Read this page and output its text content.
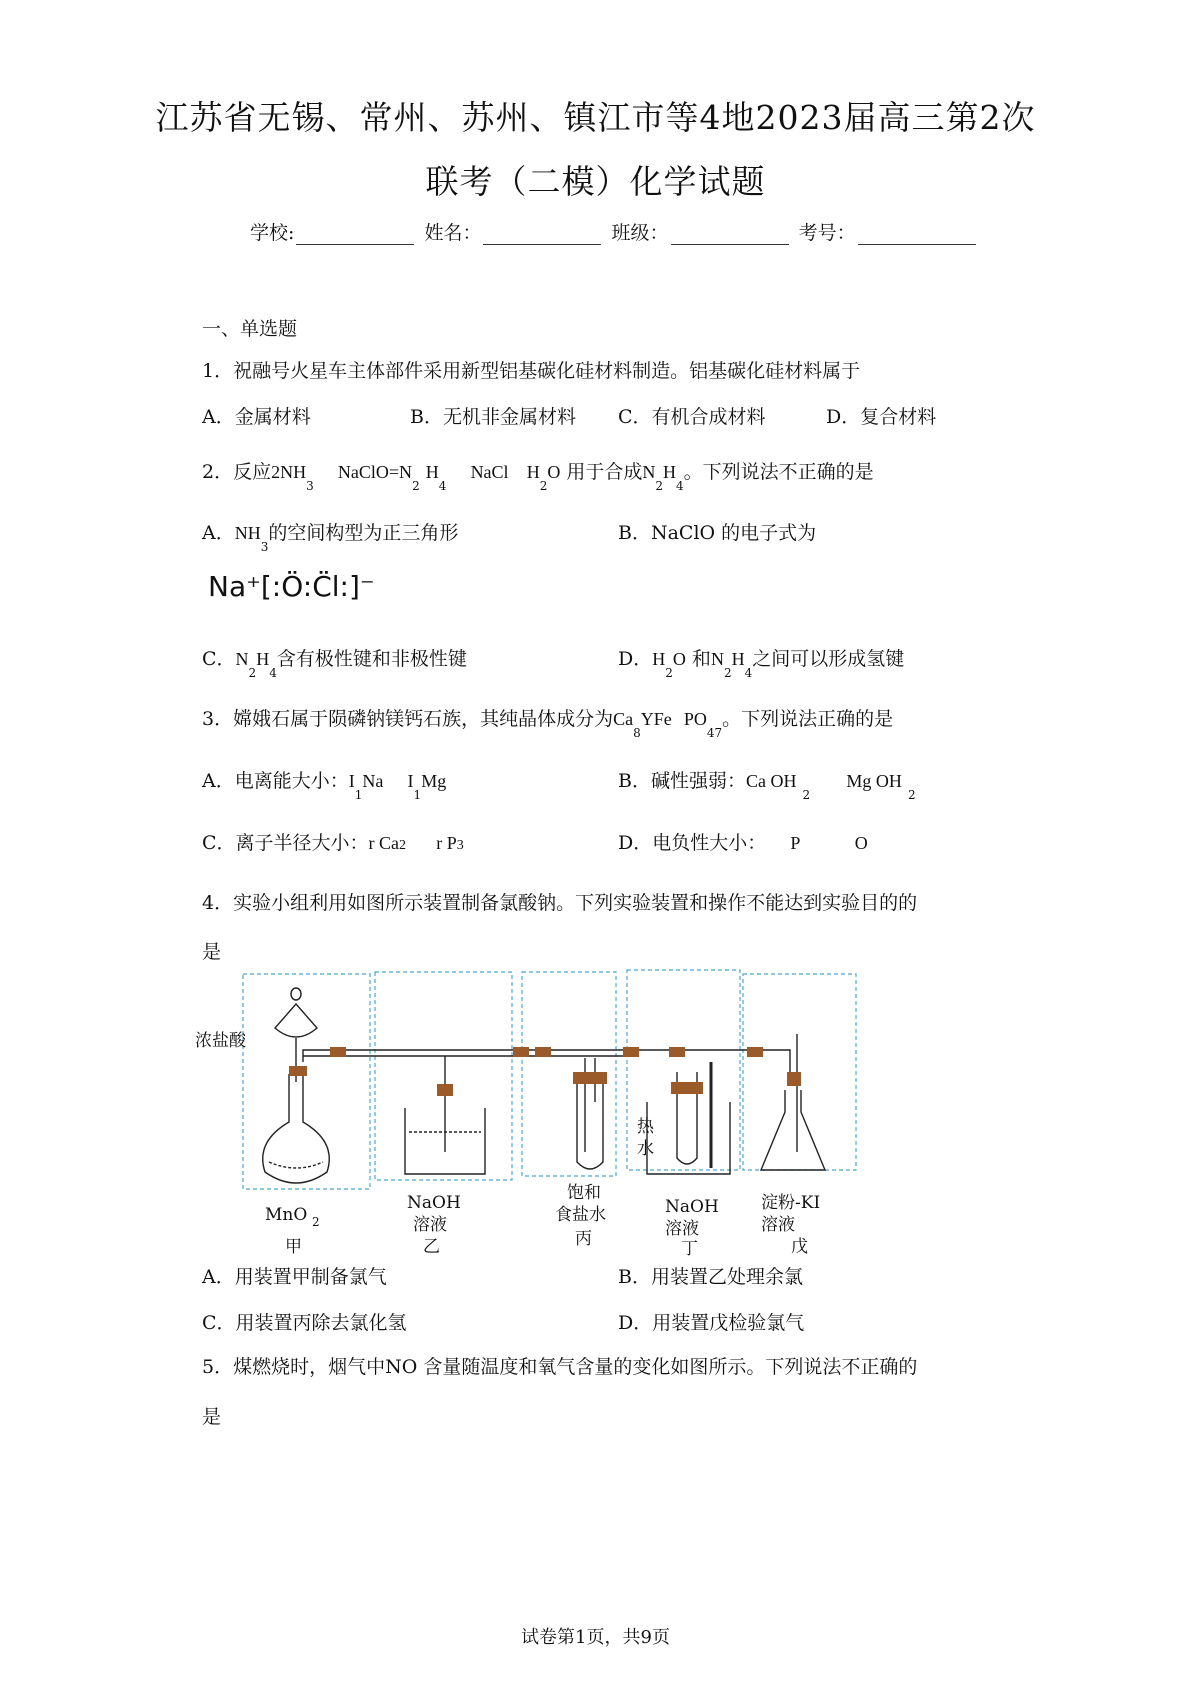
江苏省无锡、常州、苏州、镇江市等4地2023届高三第2次
联考（二模）化学试题
学校:	姓名：	班级：	考号：
一、单选题
1．祝融号火星车主体部件采用新型铝基碳化硅材料制造。铝基碳化硅材料属于
A．金属材料	B．无机非金属材料 C．有机合成材料	D．复合材料
2．反应$2NH_3$    $NaClO=N_2$ $H_4$    NaCl $H_2O$ 用于合成$N_2H_4$。下列说法不正确的是
A．$NH_3$的空间构型为正三角形	B．NaClO 的电子式为
Na⁺[:Ö:C̈l:]⁻
C．$N_2H_4$含有极性键和非极性键	D．$H_2O$ 和$N_2H_4$之间可以形成氢键
3．嫦娥石属于陨磷钠镁钙石族，其纯晶体成分为$Ca_8YFe$ $PO_{47}$。下列说法正确的是
A．电离能大小：$I_1Na$ $I_1Mg$	B．碱性强弱：Ca OH $_2$      Mg OH $_2$
C．离子半径大小：r Ca2 r P3	D．电负性大小： P	O
4．实验小组利用如图所示装置制备氯酸钠。下列实验装置和操作不能达到实验目的的
是
浓盐酸
MnO 2
甲
NaOH
溶液
乙
饱和
食盐水
丙
热
水
NaOH
溶液
丁
淀粉-KI
溶液
戊
A．用装置甲制备氯气	B．用装置乙处理余氯
C．用装置丙除去氯化氢	D．用装置戊检验氯气
5．煤燃烧时，烟气中NO 含量随温度和氧气含量的变化如图所示。下列说法不正确的
是
试卷第1页，共9页
